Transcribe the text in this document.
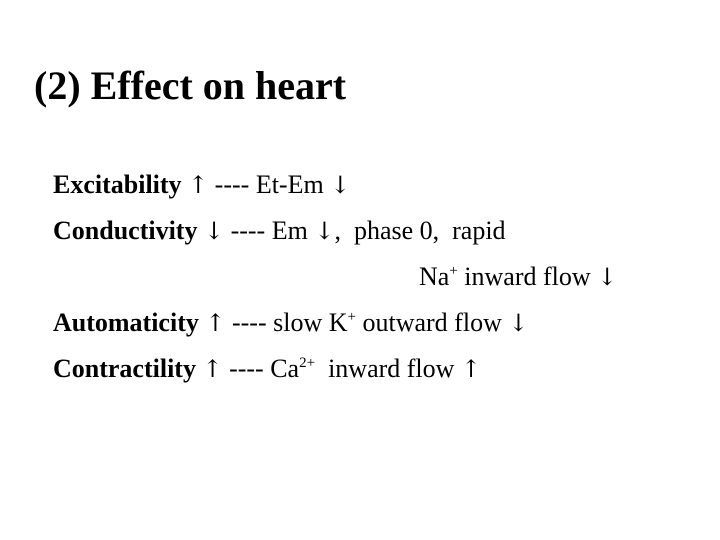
(2) Effect on heart
Excitability ↑ ---- Et-Em ↓
Conductivity ↓ ---- Em ↓,  phase 0,  rapid
Na+ inward flow ↓
Automaticity ↑ ---- slow K+ outward flow ↓
Contractility ↑ ---- $Ca^{2+}$  inward flow ↑
